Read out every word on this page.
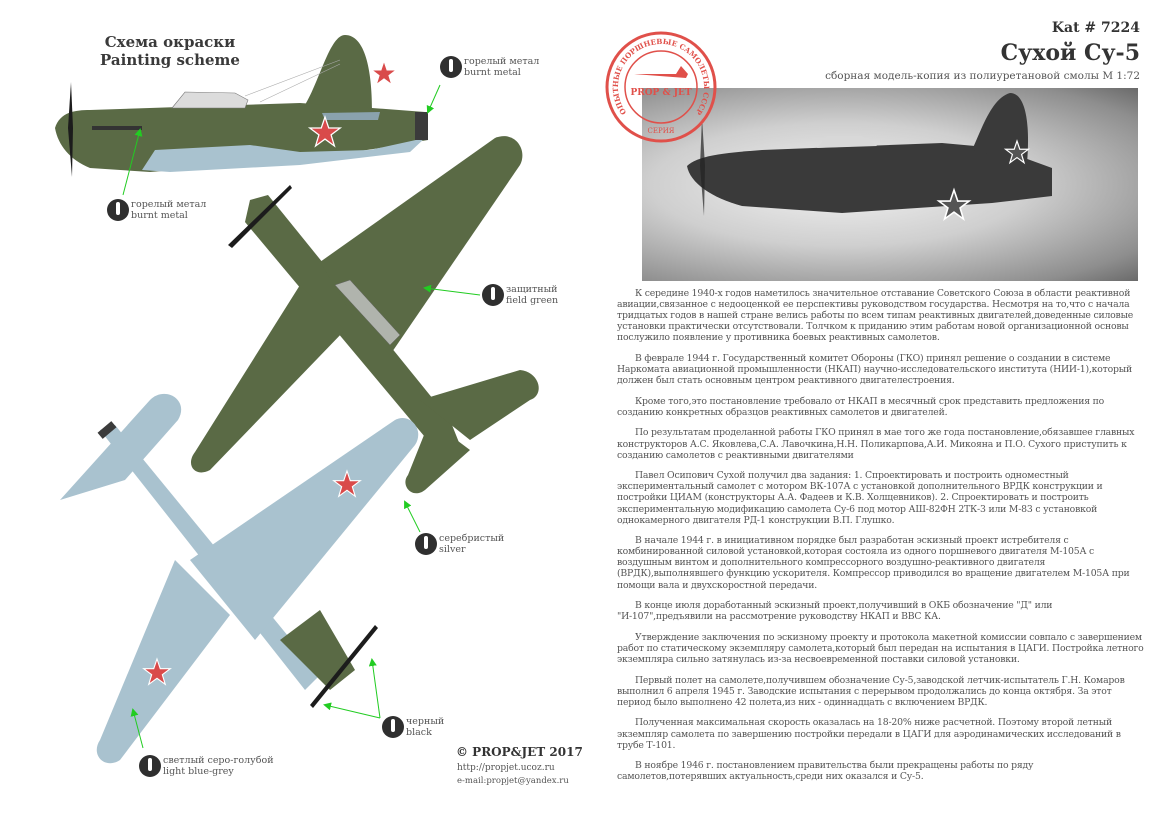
Схема окраски
Painting scheme
горелый метал
burnt metal
горелый метал
burnt metal
защитный
field green
серебристый
silver
черный
black
светлый серо-голубой
light blue-grey
Kat # 7224
Сухой Су-5
сборная модель-копия из полиуретановой смолы М 1:72
ОПЫТНЫЕ ПОРШНЕВЫЕ САМОЛЕТЫ СССР
PROP & JET
СЕРИЯ

К середине 1940-х годов наметилось значительное отставание Советского Союза в области реактивной авиации,связанное с недооценкой ее перспективы руководством государства. Несмотря на то,что с начала тридцатых годов в нашей стране велись работы по всем типам реактивных двигателей,доведенные силовые установки практически отсутствовали. Толчком к приданию этим работам новой организационной основы послужило появление у противника боевых реактивных самолетов.

В феврале 1944 г. Государственный комитет Обороны (ГКО) принял решение о создании в системе Наркомата авиационной промышленности (НКАП) научно-исследовательского института (НИИ-1),который должен был стать основным центром реактивного двигателестроения.

Кроме того,это постановление требовало от НКАП в месячный срок представить предложения по созданию конкретных образцов реактивных самолетов и двигателей.

По результатам проделанной работы ГКО принял в мае того же года постановление,обязавшее главных конструкторов А.С. Яковлева,С.А. Лавочкина,Н.Н. Поликарпова,А.И. Микояна и П.О. Сухого приступить к созданию самолетов с реактивными двигателями

Павел Осипович Сухой получил два задания: 1. Спроектировать и построить одноместный экспериментальный самолет с мотором ВК-107А с установкой дополнительного ВРДК конструкции и постройки ЦИАМ (конструкторы А.А. Фадеев и К.В. Холщевников). 2. Спроектировать и построить экспериментальную модификацию самолета Су-6 под мотор АШ-82ФН 2ТК-3 или М-83 с установкой однокамерного двигателя РД-1 конструкции В.П. Глушко.

В начале 1944 г. в инициативном порядке был разработан эскизный проект истребителя с комбинированной силовой установкой,которая состояла из одного поршневого двигателя М-105А с воздушным винтом и дополнительного компрессорного воздушно-реактивного двигателя (ВРДК),выполнявшего функцию ускорителя. Компрессор приводился во вращение двигателем М-105А при помощи вала и двухскоростной передачи.

В конце июля доработанный эскизный проект,получивший в ОКБ обозначение "Д" или "И-107",предъявили на рассмотрение руководству НКАП и ВВС КА.

Утверждение заключения по эскизному проекту и протокола макетной комиссии совпало с завершением работ по статическому экземпляру самолета,который был передан на испытания в ЦАГИ. Постройка летного экземпляра сильно затянулась из-за несвоевременной поставки силовой установки.

Первый полет на самолете,получившем обозначение Су-5,заводской летчик-испытатель Г.Н. Комаров выполнил 6 апреля 1945 г. Заводские испытания с перерывом продолжались до конца октября. За этот период было выполнено 42 полета,из них - одиннадцать с включением ВРДК.

Полученная максимальная скорость оказалась на 18-20% ниже расчетной. Поэтому второй летный экземпляр самолета по завершению постройки передали в ЦАГИ для аэродинамических исследований в трубе Т-101.

В ноябре 1946 г. постановлением правительства были прекращены работы по ряду самолетов,потерявших актуальность,среди них оказался и Су-5.

© PROP&JET 2017
http://propjet.ucoz.ru
e-mail:propjet@yandex.ru
